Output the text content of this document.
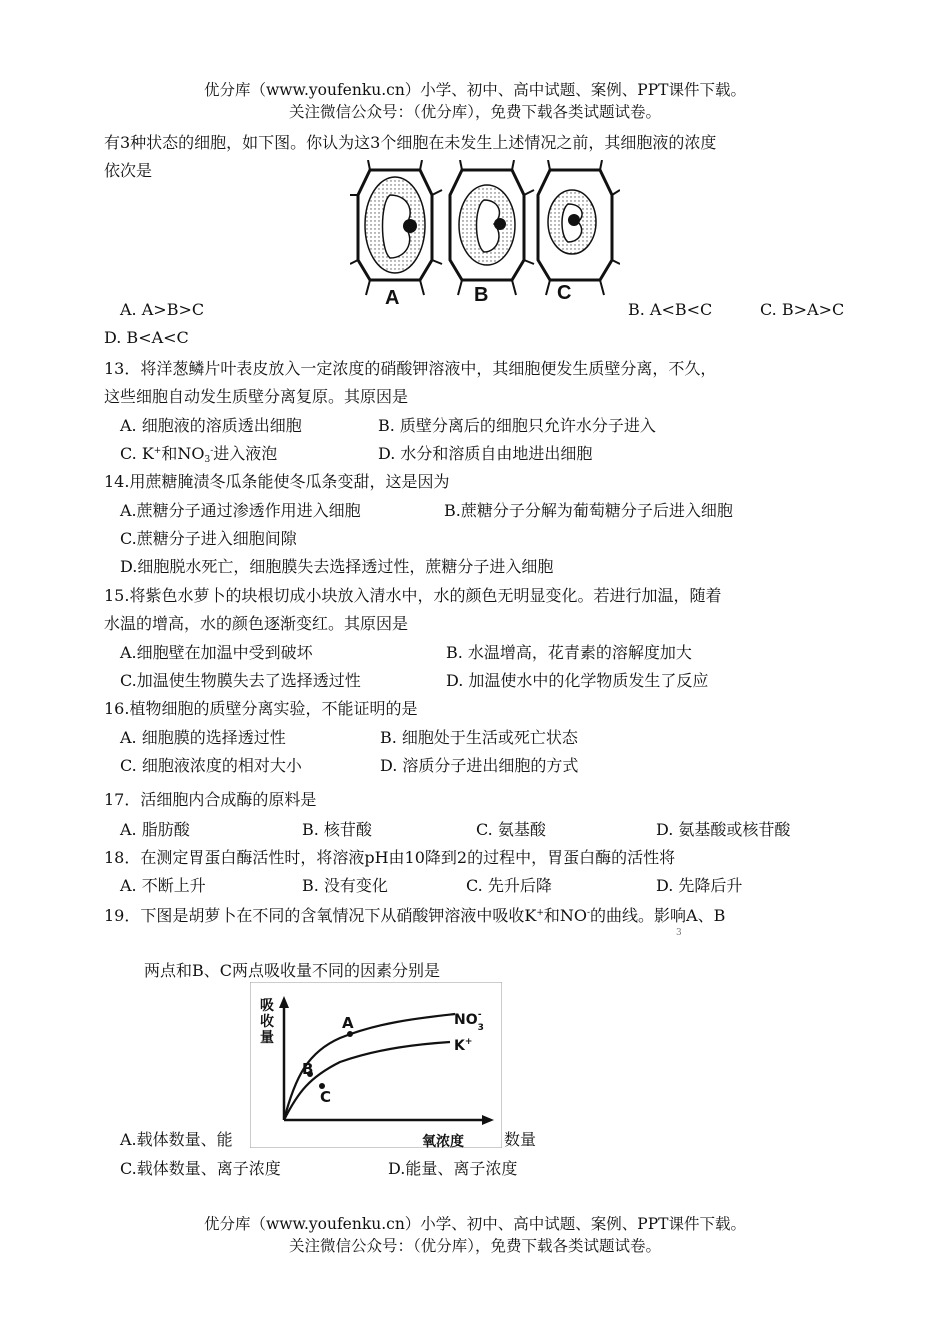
优分库（www.youfenku.cn）小学、初中、高中试题、案例、PPT课件下载。
关注微信公众号：（优分库），免费下载各类试题试卷。
有3种状态的细胞，如下图。你认为这3个细胞在未发生上述情况之前，其细胞液的浓度
依次是
A	B	C
A. A>B>C	B. A<B<C	C. B>A>C
D. B<A<C
13．将洋葱鳞片叶表皮放入一定浓度的硝酸钾溶液中，其细胞便发生质壁分离，不久，
这些细胞自动发生质壁分离复原。其原因是
A. 细胞液的溶质透出细胞	B. 质壁分离后的细胞只允许水分子进入
C. K+和$NO_3^-$进入液泡	D. 水分和溶质自由地进出细胞
14.用蔗糖腌渍冬瓜条能使冬瓜条变甜，这是因为
A.蔗糖分子通过渗透作用进入细胞	B.蔗糖分子分解为葡萄糖分子后进入细胞
C.蔗糖分子进入细胞间隙
D.细胞脱水死亡，细胞膜失去选择透过性，蔗糖分子进入细胞
15.将紫色水萝卜的块根切成小块放入清水中，水的颜色无明显变化。若进行加温，随着
水温的增高，水的颜色逐渐变红。其原因是
A.细胞壁在加温中受到破坏	B. 水温增高，花青素的溶解度加大
C.加温使生物膜失去了选择透过性	D. 加温使水中的化学物质发生了反应
16.植物细胞的质壁分离实验，不能证明的是
A. 细胞膜的选择透过性	B. 细胞处于生活或死亡状态
C. 细胞液浓度的相对大小	D. 溶质分子进出细胞的方式
17．活细胞内合成酶的原料是
A. 脂肪酸	B. 核苷酸	C. 氨基酸	D. 氨基酸或核苷酸
18．在测定胃蛋白酶活性时，将溶液pH由10降到2的过程中，胃蛋白酶的活性将
A. 不断上升	B. 没有变化	C. 先升后降	D. 先降后升
19．下图是胡萝卜在不同的含氧情况下从硝酸钾溶液中吸收K+和NO-的曲线。影响A、B
3
两点和B、C两点吸收量不同的因素分别是
吸
收
量
氧浓度
A
B
C
$NO_3-$
K+
A.载体数量、能	数量
C.载体数量、离子浓度	D.能量、离子浓度
优分库（www.youfenku.cn）小学、初中、高中试题、案例、PPT课件下载。
关注微信公众号：（优分库），免费下载各类试题试卷。
